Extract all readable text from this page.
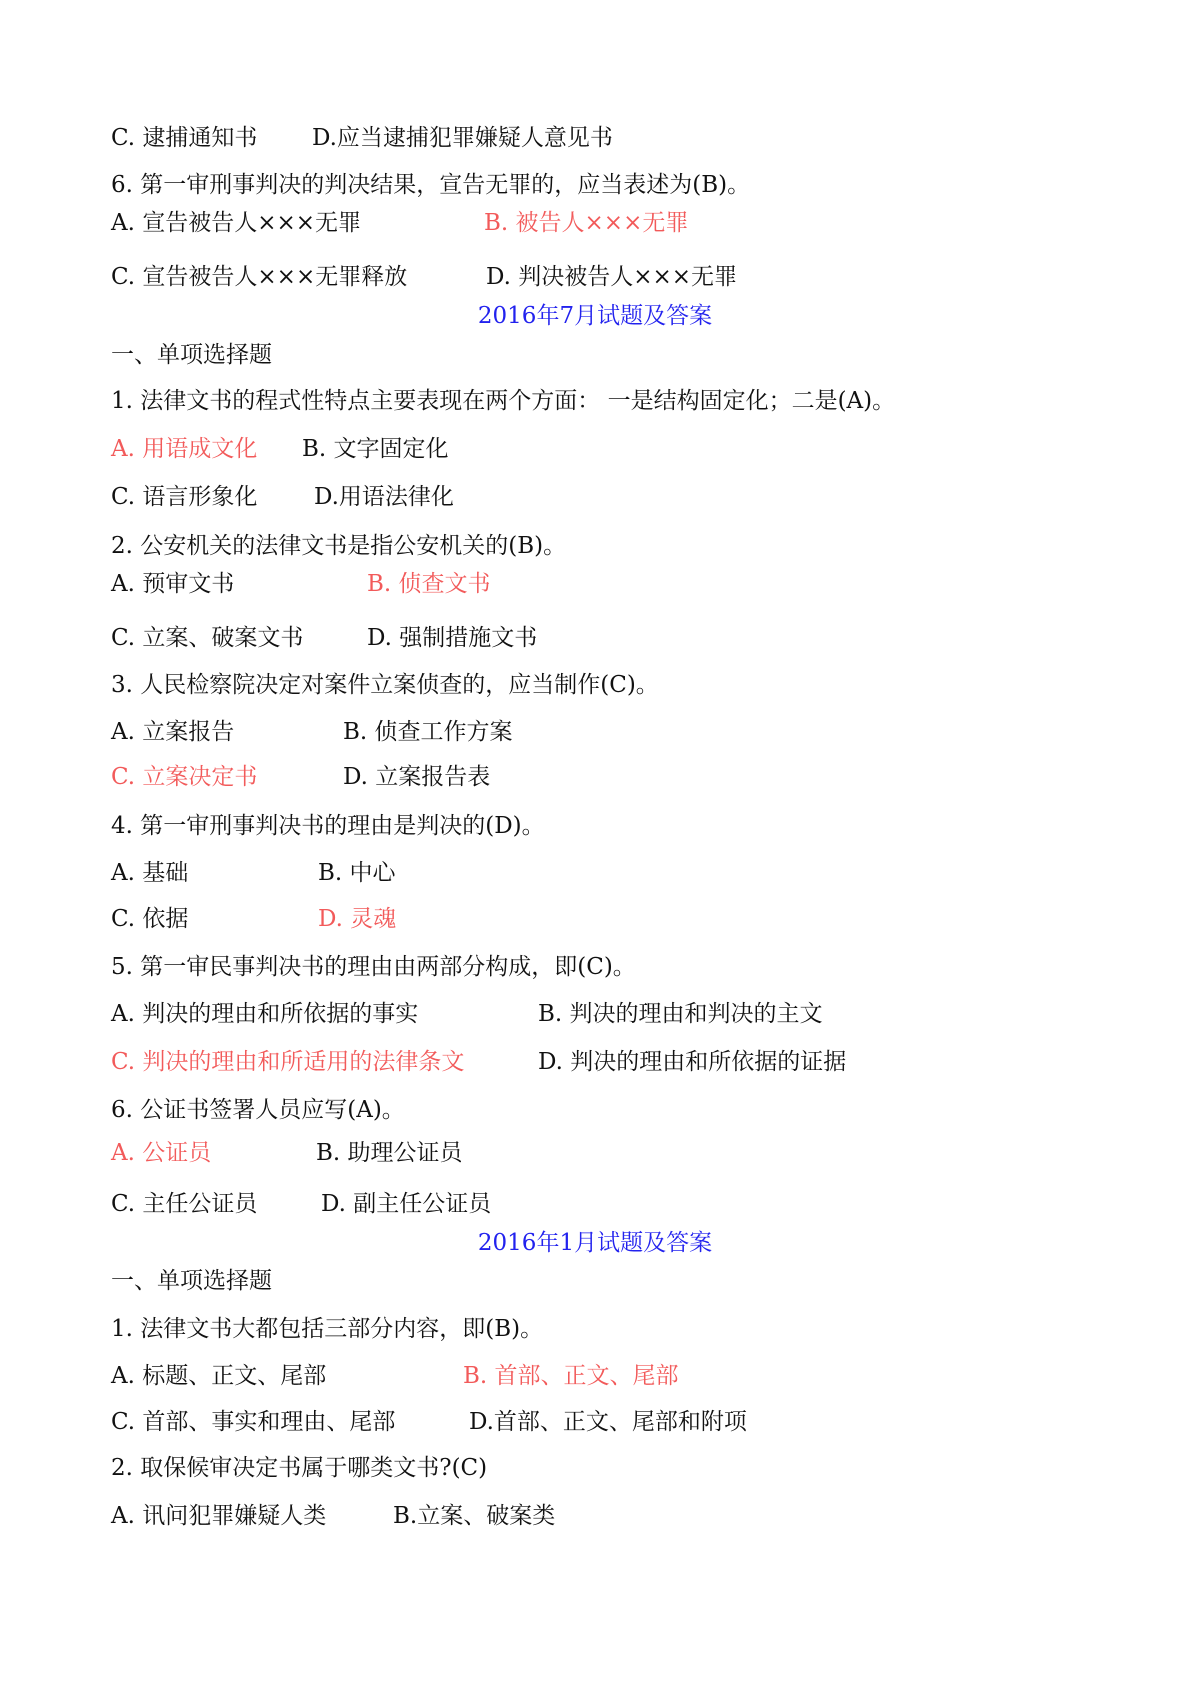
C. 逮捕通知书 D.应当逮捕犯罪嫌疑人意见书
6. 第一审刑事判决的判决结果，宣告无罪的，应当表述为(B)。
A. 宣告被告人×××无罪	B. 被告人×××无罪
C. 宣告被告人×××无罪释放	D. 判决被告人×××无罪
2016年7月试题及答案
一、单项选择题
1. 法律文书的程式性特点主要表现在两个方面： 一是结构固定化；二是(A)。
A. 用语成文化 B. 文字固定化
C. 语言形象化 D.用语法律化
2. 公安机关的法律文书是指公安机关的(B)。
A. 预审文书	B. 侦查文书
C. 立案、破案文书	D. 强制措施文书
3. 人民检察院决定对案件立案侦查的，应当制作(C)。
A. 立案报告	B. 侦查工作方案
C. 立案决定书	D. 立案报告表
4. 第一审刑事判决书的理由是判决的(D)。
A. 基础	B. 中心
C. 依据	D. 灵魂
5. 第一审民事判决书的理由由两部分构成，即(C)。
A. 判决的理由和所依据的事实	B. 判决的理由和判决的主文
C. 判决的理由和所适用的法律条文	D. 判决的理由和所依据的证据
6. 公证书签署人员应写(A)。
A. 公证员	B. 助理公证员
C. 主任公证员	D. 副主任公证员
2016年1月试题及答案
一、单项选择题
1. 法律文书大都包括三部分内容，即(B)。
A. 标题、正文、尾部	B. 首部、正文、尾部
C. 首部、事实和理由、尾部	D.首部、正文、尾部和附项
2. 取保候审决定书属于哪类文书?(C)
A. 讯问犯罪嫌疑人类	B.立案、破案类
